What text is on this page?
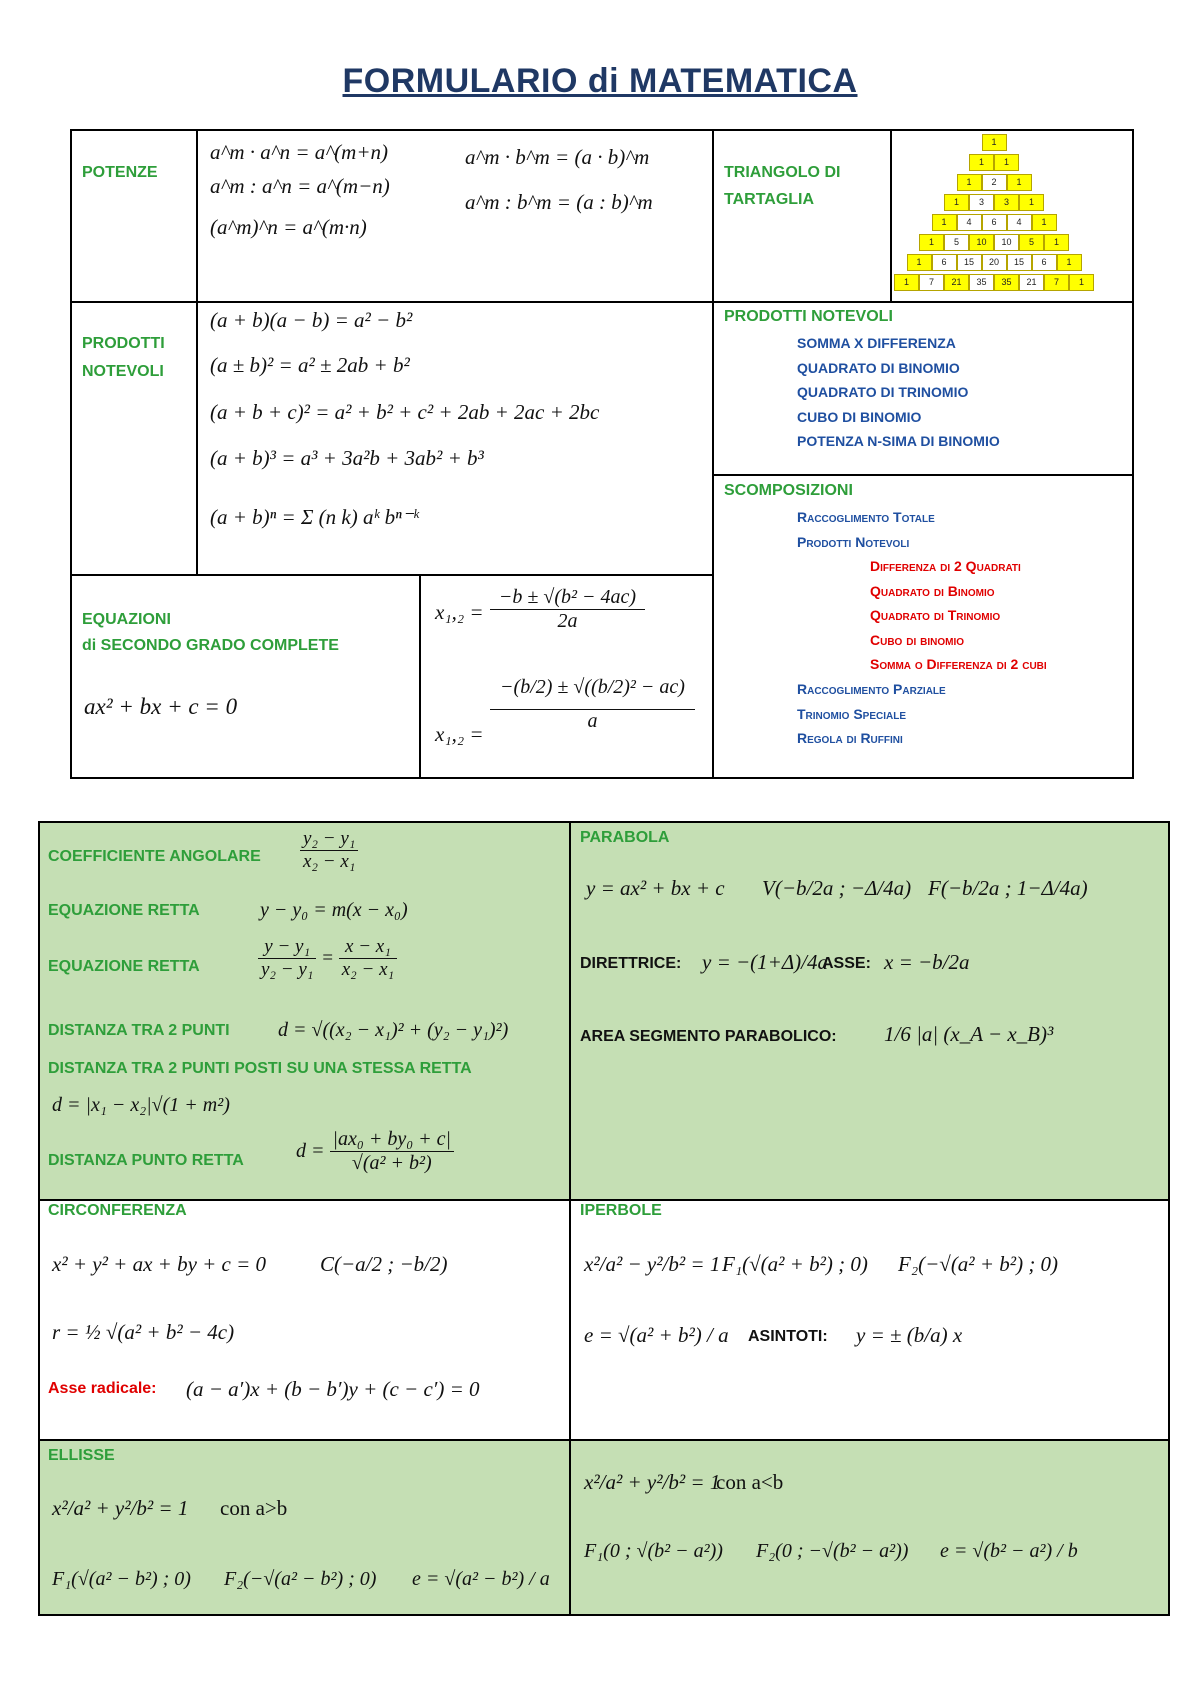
FORMULARIO di MATEMATICA
POTENZE
a^m · a^n = a^(m+n)
a^m : a^n = a^(m−n)
(a^m)^n = a^(m·n)
a^m · b^m = (a · b)^m
a^m : b^m = (a : b)^m
TRIANGOLO DI TARTAGLIA
1
1	1
1	2	1
1	3	3	1
1	4	6	4	1
1	5	10	10	5	1
1	6	15	20	15	6	1
1	7	21	35	35	21	7	1
PRODOTTI NOTEVOLI
(a + b)(a − b) = a² − b²
(a ± b)² = a² ± 2ab + b²
(a + b + c)² = a² + b² + c² + 2ab + 2ac + 2bc
(a + b)³ = a³ + 3a²b + 3ab² + b³
(a + b)ⁿ = Σ (n k) aᵏ bⁿ⁻ᵏ
PRODOTTI NOTEVOLI
SOMMA X DIFFERENZA
QUADRATO DI BINOMIO
QUADRATO DI TRINOMIO
CUBO DI BINOMIO
POTENZA N-SIMA DI BINOMIO
SCOMPOSIZIONI
Raccoglimento Totale
Prodotti Notevoli
Differenza di 2 Quadrati
Quadrato di Binomio
Quadrato di Trinomio
Cubo di binomio
Somma o Differenza di 2 cubi
Raccoglimento Parziale
Trinomio Speciale
Regola di Ruffini
EQUAZIONI
di SECONDO GRADO COMPLETE
ax² + bx + c = 0
$x_1,_2 = \frac{\text{−b ± √(b² − 4ac)}}{2a}$
x₁,₂ =
$\frac{\text{−(b/2) ± √((b/2)² − ac)}}{a}$
COEFFICIENTE ANGOLARE $\frac{\text{y₂ − y₁}}{\text{x₂ − x₁}}$
EQUAZIONE RETTA	y − y₀ = m(x − x₀)
EQUAZIONE RETTA	$\frac{\text{y − y₁}}{\text{y₂ − y₁}} = \frac{\text{x − x₁}}{\text{x₂ − x₁}}$
DISTANZA TRA 2 PUNTI d = √((x₂ − x₁)² + (y₂ − y₁)²)
DISTANZA TRA 2 PUNTI POSTI SU UNA STESSA RETTA
d = |x₁ − x₂|√(1 + m²)
DISTANZA PUNTO RETTA	$d = \frac{\text{|ax₀ + by₀ + c|}}{\text{√(a² + b²)}}$
PARABOLA
y = ax² + bx + c V(−b/2a ; −Δ/4a) F(−b/2a ; 1−Δ/4a)
DIRETTRICE: y = −(1+Δ)/4a
ASSE: x = −b/2a
AREA SEGMENTO PARABOLICO: 1/6 |a| (x_A − x_B)³
CIRCONFERENZA
x² + y² + ax + by + c = 0	C(−a/2 ; −b/2)
r = ½ √(a² + b² − 4c)
Asse radicale: (a − a′)x + (b − b′)y + (c − c′) = 0
IPERBOLE
x²/a² − y²/b² = 1 F₁(√(a² + b²) ; 0) F₂(−√(a² + b²) ; 0)
e = √(a² + b²) / a ASINTOTI: y = ± (b/a) x
ELLISSE
x²/a² + y²/b² = 1 con a>b
F₁(√(a² − b²) ; 0) F₂(−√(a² − b²) ; 0) e = √(a² − b²) / a
x²/a² + y²/b² = 1
con a<b
F₁(0 ; √(b² − a²)) F₂(0 ; −√(b² − a²)) e = √(b² − a²) / b
